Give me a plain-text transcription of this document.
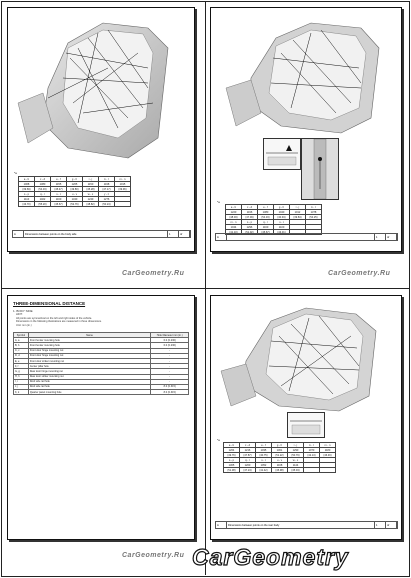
*a
a - b	c - d	e - f	g - h	i - j	k - l	m - n
1008	1380	1155	1265	1150	1198	1015
(39.69)	(54.33)	(45.47)	(49.80)	(45.28)	(47.17)	(39.96)
o - p	q - r	s - t	u - v	w - x	y - z	
1110	1402	1160	1340	1240	1276	
(43.70)	(55.20)	(45.67)	(52.76)	(48.82)	(50.24)	
A	Dimensions between points on the body side	1	of
CarGeometry.Ru
*a
a - b	c - d	e - f	g - h	i - j	k - l
1220	1196	1380	1040	1012	1378
(48.03)	(47.09)	(54.33)	(40.94)	(39.84)	(54.25)
m - n	o - p	q - r	s - t		
1044	1296	1160	1100		
(41.10)	(51.02)	(45.67)	(43.31)		
A	1	of
CarGeometry.Ru
THREE-DIMENSIONAL DISTANCE
1. BODY SIDE
HINT:
All points are symmetrical on the left and right sides of the vehicle.
Dimensions in the following illustrations are measured in three dimensions.
Unit: mm (in.)
Symbol	Name	Hole Diameter mm (in.)
A, a	Front fender mounting hole	6.0 (0.236)
B, b	Front fender mounting hole	6.0 (0.236)
C, c	Front door hinge mounting nut	-
D, d	Front door hinge mounting nut	-
E, e	Front door striker mounting nut	-
F, f	Center pillar hole	-
G, g	Rear door hinge mounting nut	-
H, h	Rear door striker mounting nut	-
I, i	Roof side rail hole	-
J, j	Roof side rail hole	8.0 (0.315)
K, k	Quarter panel mounting hole	8.0 (0.315)
CarGeometry.Ru
*a
a - b	c - d	e - f	g - h	i - j	k - l	m - n
1264	1216	1035	1301	1290	1070	1180
(49.76)	(47.87)	(40.75)	(51.22)	(50.79)	(42.13)	(46.46)
o - p	q - r	s - t	u - v	w - x		
1305	1200	1052	1168	1144		
(51.38)	(47.24)	(41.42)	(45.98)	(45.04)		
A	Dimensions between points on the rear body	1	of
CarGeometry
